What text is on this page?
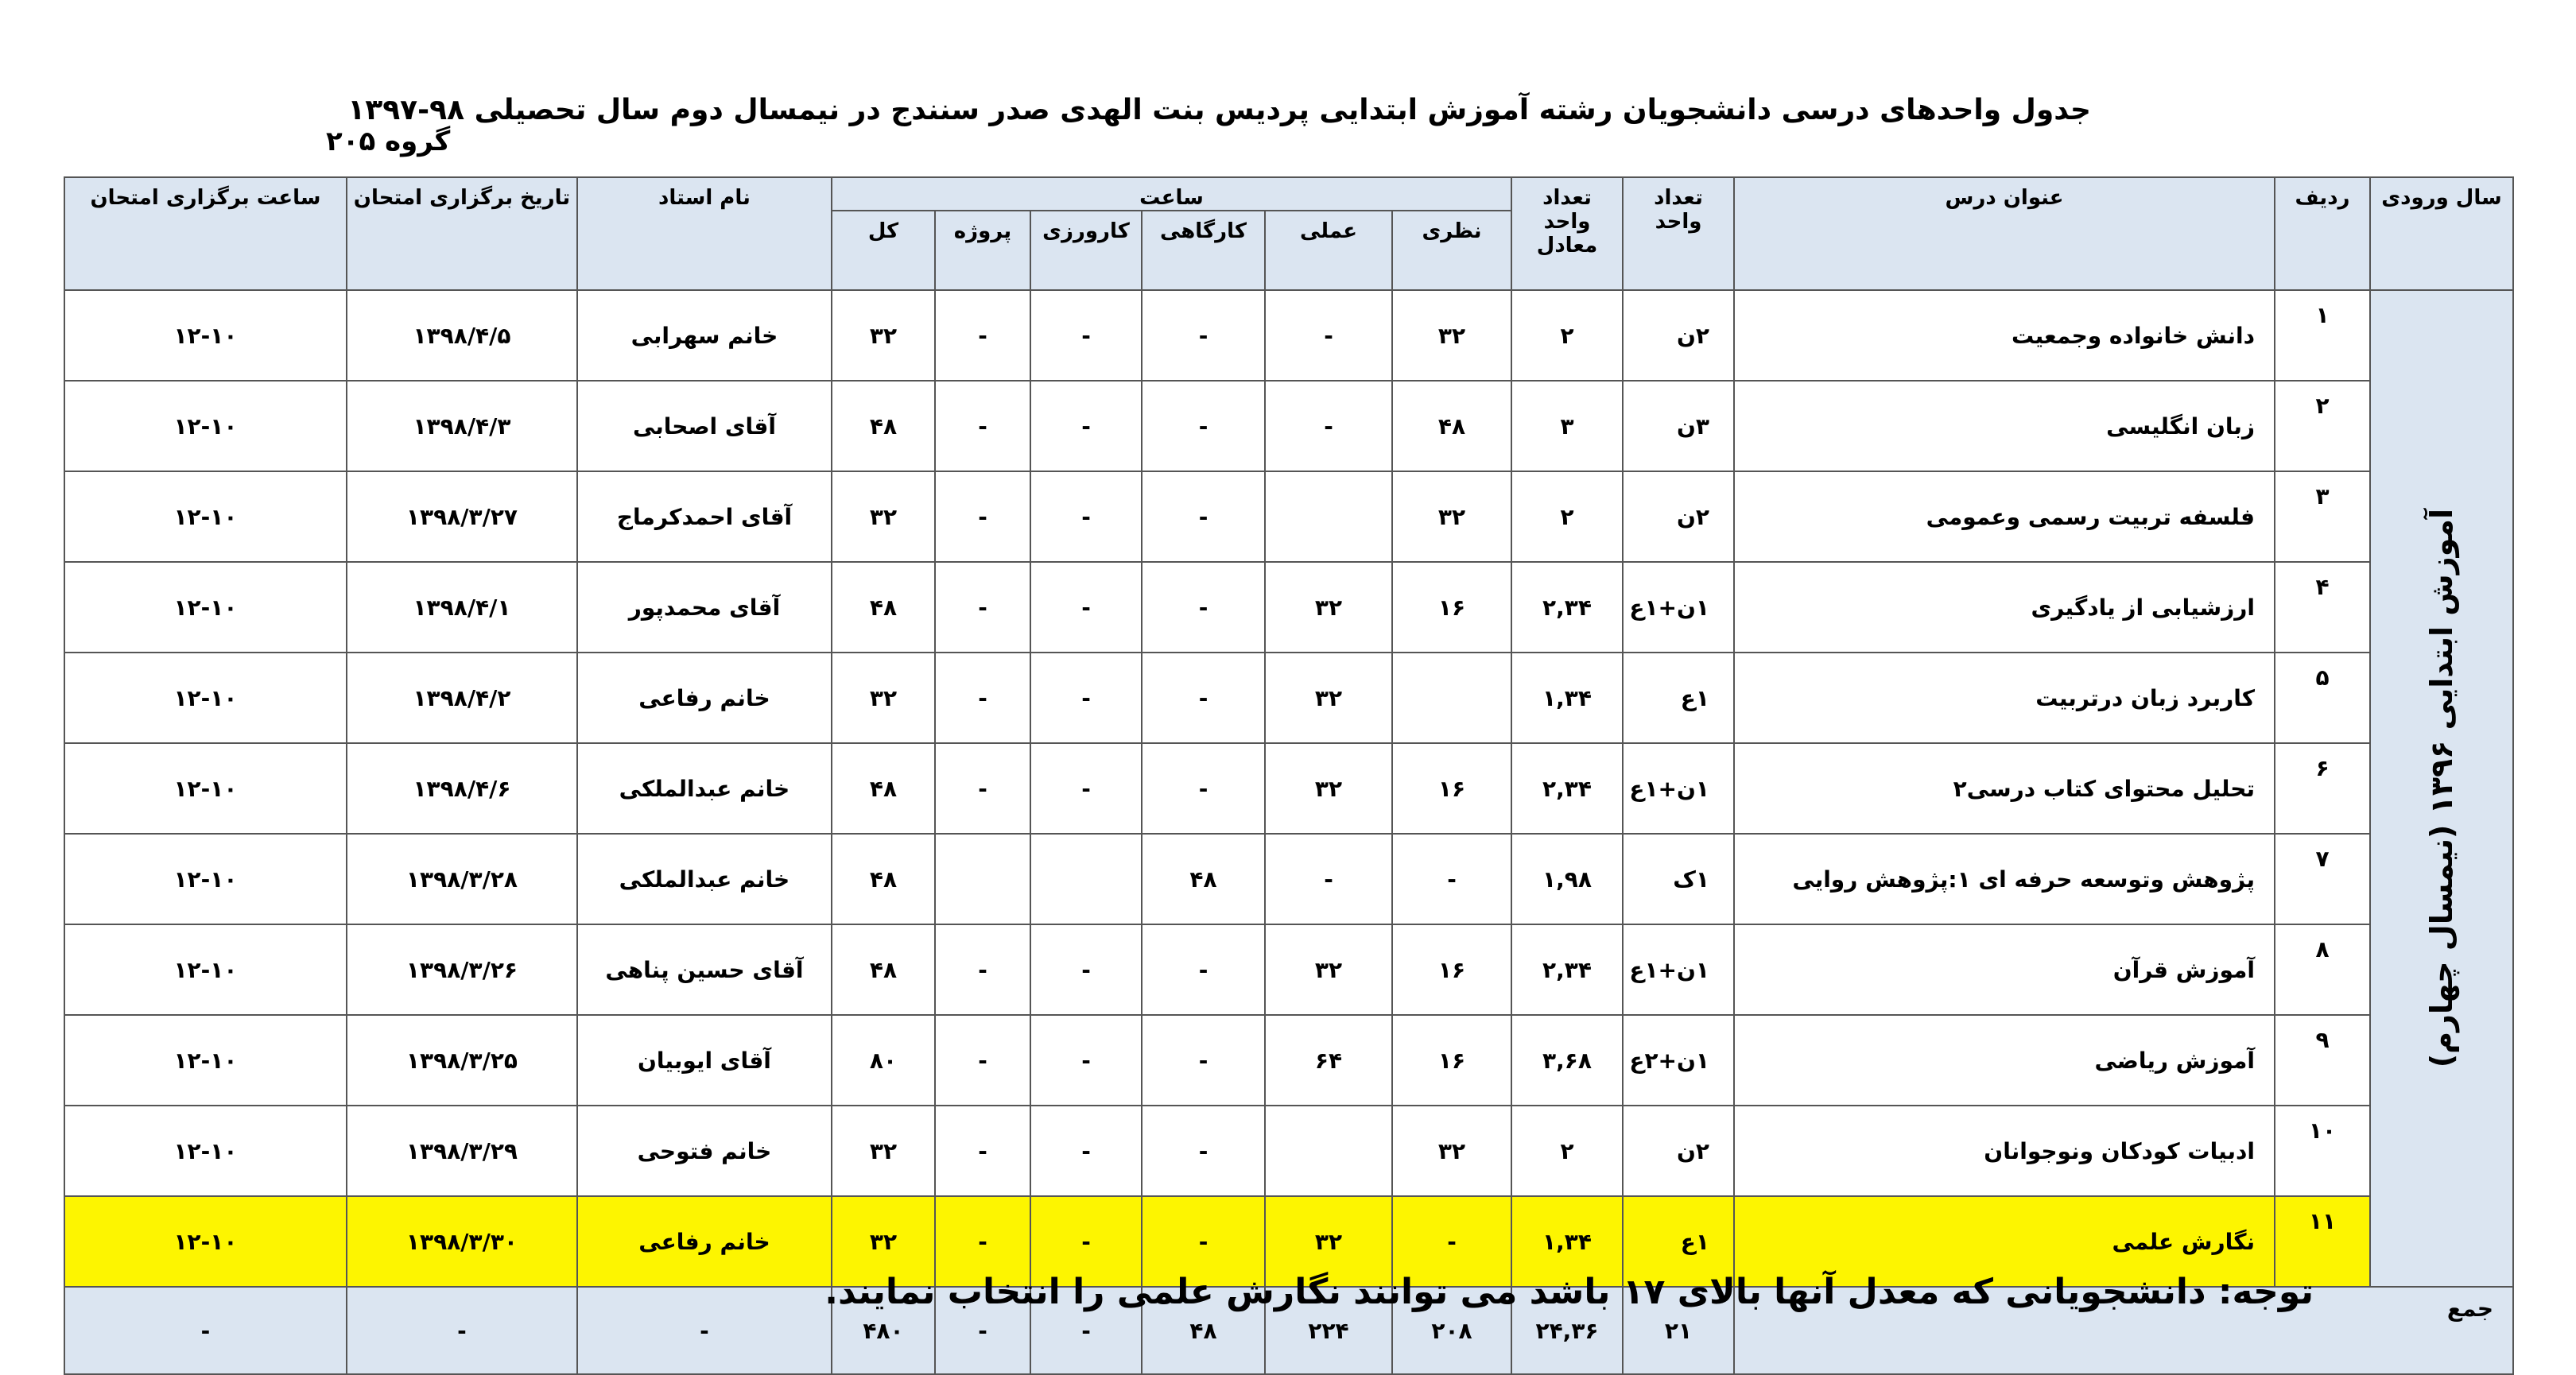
جدول واحدهای درسی دانشجویان رشته آموزش ابتدایی پردیس بنت الهدی صدر سنندج در نیمسال دوم سال تحصیلی ۹۸-۱۳۹۷
گروه ۲۰۵
سال ورودی	ردیف	عنوان درس	تعداد واحد	تعداد واحد معادل	ساعت						نام استاد	تاریخ برگزاری امتحان	ساعت برگزاری امتحان
					نظری	عملی	کارگاهی	کارورزی	پروژه	کل			

آموزش ابتدایی ۱۳۹۶ (نیمسال چهارم)	۱	دانش خانواده وجمعیت	۲ن	۲	۳۲	-	-	-	-	۳۲	خانم سهرابی	۱۳۹۸/۴/۵	۱۲-۱۰
	۲	زبان انگلیسی	۳ن	۳	۴۸	-	-	-	-	۴۸	آقای اصحابی	۱۳۹۸/۴/۳	۱۲-۱۰
	۳	فلسفه تربیت رسمی وعمومی	۲ن	۲	۳۲		-	-	-	۳۲	آقای احمدکرماج	۱۳۹۸/۳/۲۷	۱۲-۱۰
	۴	ارزشیابی از یادگیری	۱ن+۱ع	۲,۳۴	۱۶	۳۲	-	-	-	۴۸	آقای محمدپور	۱۳۹۸/۴/۱	۱۲-۱۰
	۵	کاربرد زبان درتربیت	۱ع	۱,۳۴		۳۲	-	-	-	۳۲	خانم رفاعی	۱۳۹۸/۴/۲	۱۲-۱۰
	۶	تحلیل محتوای کتاب درسی۲	۱ن+۱ع	۲,۳۴	۱۶	۳۲	-	-	-	۴۸	خانم عبدالملکی	۱۳۹۸/۴/۶	۱۲-۱۰
	۷	پژوهش وتوسعه حرفه ای ۱:پژوهش روایی	۱ک	۱,۹۸	-	-	۴۸			۴۸	خانم عبدالملکی	۱۳۹۸/۳/۲۸	۱۲-۱۰
	۸	آموزش قرآن	۱ن+۱ع	۲,۳۴	۱۶	۳۲	-	-	-	۴۸	آقای حسین پناهی	۱۳۹۸/۳/۲۶	۱۲-۱۰
	۹	آموزش ریاضی	۱ن+۲ع	۳,۶۸	۱۶	۶۴	-	-	-	۸۰	آقای ایوبیان	۱۳۹۸/۳/۲۵	۱۲-۱۰
	۱۰	ادبیات کودکان ونوجوانان	۲ن	۲	۳۲		-	-	-	۳۲	خانم فتوحی	۱۳۹۸/۳/۲۹	۱۲-۱۰
	۱۱	نگارش علمی	۱ع	۱,۳۴	-	۳۲	-	-	-	۳۲	خانم رفاعی	۱۳۹۸/۳/۳۰	۱۲-۱۰
جمع			۲۱	۲۴,۳۶	۲۰۸	۲۲۴	۴۸	-	-	۴۸۰	-	-	-
توجه: دانشجویانی که معدل آنها بالای ۱۷ باشد می توانند نگارش علمی را انتخاب نمایند.
